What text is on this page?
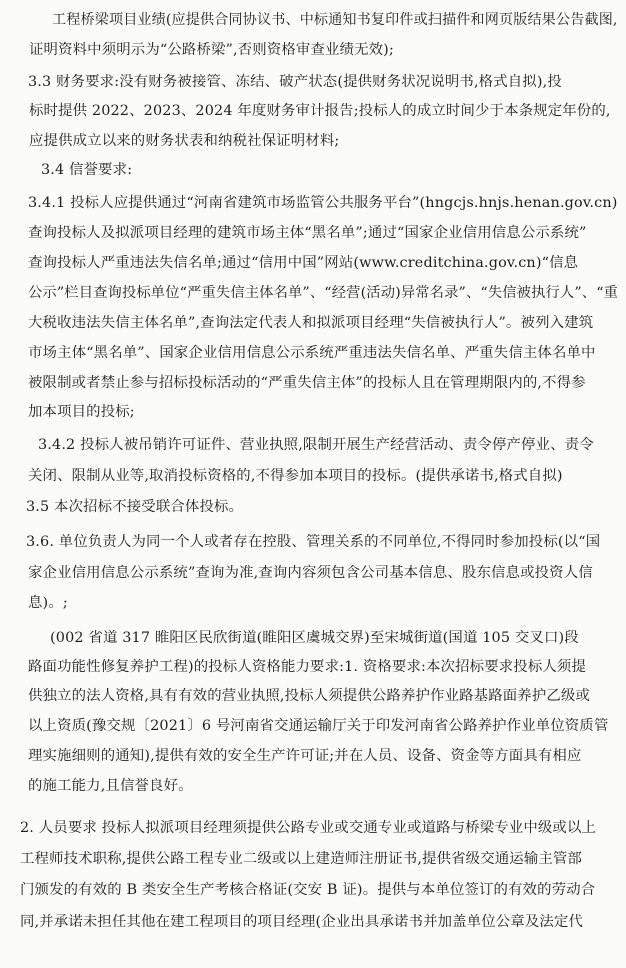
工程桥梁项目业绩(应提供合同协议书、中标通知书复印件或扫描件和网页版结果公告截图,
证明资料中须明示为“公路桥梁”,否则资格审查业绩无效);
3.3 财务要求:没有财务被接管、冻结、破产状态(提供财务状况说明书,格式自拟),投
标时提供 2022、2023、2024 年度财务审计报告;投标人的成立时间少于本条规定年份的,
应提供成立以来的财务状表和纳税社保证明材料;
3.4 信誉要求:
3.4.1 投标人应提供通过“河南省建筑市场监管公共服务平台”(hngcjs.hnjs.henan.gov.cn)
查询投标人及拟派项目经理的建筑市场主体“黑名单”;通过“国家企业信用信息公示系统”
查询投标人严重违法失信名单;通过“信用中国”网站(www.creditchina.gov.cn)“信息
公示”栏目查询投标单位“严重失信主体名单”、“经营(活动)异常名录”、“失信被执行人”、“重
大税收违法失信主体名单”,查询法定代表人和拟派项目经理“失信被执行人”。被列入建筑
市场主体“黑名单”、国家企业信用信息公示系统严重违法失信名单、严重失信主体名单中
被限制或者禁止参与招标投标活动的“严重失信主体”的投标人且在管理期限内的,不得参
加本项目的投标;
3.4.2 投标人被吊销许可证件、营业执照,限制开展生产经营活动、责令停产停业、责令
关闭、限制从业等,取消投标资格的,不得参加本项目的投标。(提供承诺书,格式自拟)
3.5 本次招标不接受联合体投标。
3.6. 单位负责人为同一个人或者存在控股、管理关系的不同单位,不得同时参加投标(以“国
家企业信用信息公示系统”查询为准,查询内容须包含公司基本信息、股东信息或投资人信
息)。;
(002 省道 317 睢阳区民欣街道(睢阳区虞城交界)至宋城街道(国道 105 交叉口)段
路面功能性修复养护工程)的投标人资格能力要求:1. 资格要求:本次招标要求投标人须提
供独立的法人资格,具有有效的营业执照,投标人须提供公路养护作业路基路面养护乙级或
以上资质(豫交规〔2021〕6 号河南省交通运输厅关于印发河南省公路养护作业单位资质管
理实施细则的通知),提供有效的安全生产许可证;并在人员、设备、资金等方面具有相应
的施工能力,且信誉良好。
2. 人员要求 投标人拟派项目经理须提供公路专业或交通专业或道路与桥梁专业中级或以上
工程师技术职称,提供公路工程专业二级或以上建造师注册证书,提供省级交通运输主管部
门颁发的有效的 B 类安全生产考核合格证(交安 B 证)。提供与本单位签订的有效的劳动合
同,并承诺未担任其他在建工程项目的项目经理(企业出具承诺书并加盖单位公章及法定代
